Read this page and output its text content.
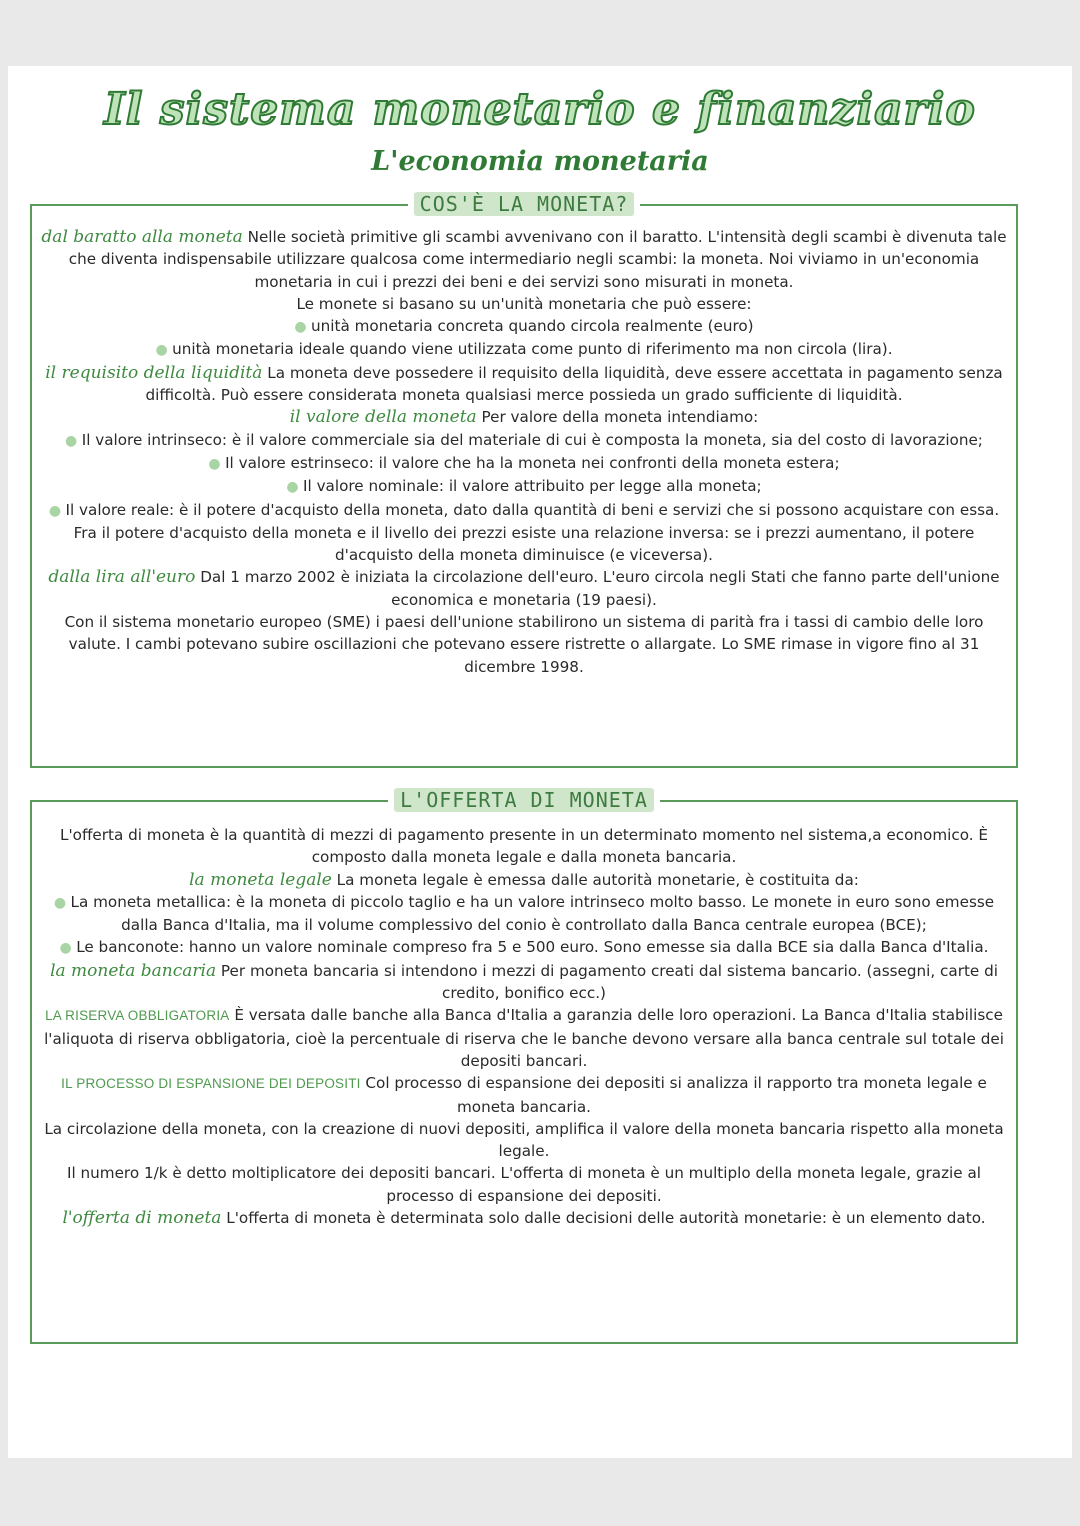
Il sistema monetario e finanziario
L'economia monetaria
COS'È LA MONETA?

dal baratto alla moneta Nelle società primitive gli scambi avvenivano con il baratto. L'intensità degli scambi è divenuta tale che diventa indispensabile utilizzare qualcosa come intermediario negli scambi: la moneta. Noi viviamo in un'economia monetaria in cui i prezzi dei beni e dei servizi sono misurati in moneta.

Le monete si basano su un'unità monetaria che può essere:

● unità monetaria concreta quando circola realmente (euro)

● unità monetaria ideale quando viene utilizzata come punto di riferimento ma non circola (lira).

il requisito della liquidità La moneta deve possedere il requisito della liquidità, deve essere accettata in pagamento senza difficoltà. Può essere considerata moneta qualsiasi merce possieda un grado sufficiente di liquidità.

il valore della moneta Per valore della moneta intendiamo:

● Il valore intrinseco: è il valore commerciale sia del materiale di cui è composta la moneta, sia del costo di lavorazione;

● Il valore estrinseco: il valore che ha la moneta nei confronti della moneta estera;

● Il valore nominale: il valore attribuito per legge alla moneta;

● Il valore reale: è il potere d'acquisto della moneta, dato dalla quantità di beni e servizi che si possono acquistare con essa. Fra il potere d'acquisto della moneta e il livello dei prezzi esiste una relazione inversa: se i prezzi aumentano, il potere d'acquisto della moneta diminuisce (e viceversa).

dalla lira all'euro Dal 1 marzo 2002 è iniziata la circolazione dell'euro. L'euro circola negli Stati che fanno parte dell'unione economica e monetaria (19 paesi).

Con il sistema monetario europeo (SME) i paesi dell'unione stabilirono un sistema di parità fra i tassi di cambio delle loro valute. I cambi potevano subire oscillazioni che potevano essere ristrette o allargate. Lo SME rimase in vigore fino al 31 dicembre 1998.

L'OFFERTA DI MONETA

L'offerta di moneta è la quantità di mezzi di pagamento presente in un determinato momento nel sistema,a economico. È composto dalla moneta legale e dalla moneta bancaria.

la moneta legale La moneta legale è emessa dalle autorità monetarie, è costituita da:

● La moneta metallica: è la moneta di piccolo taglio e ha un valore intrinseco molto basso. Le monete in euro sono emesse dalla Banca d'Italia, ma il volume complessivo del conio è controllato dalla Banca centrale europea (BCE);

● Le banconote: hanno un valore nominale compreso fra 5 e 500 euro. Sono emesse sia dalla BCE sia dalla Banca d'Italia.

la moneta bancaria Per moneta bancaria si intendono i mezzi di pagamento creati dal sistema bancario. (assegni, carte di credito, bonifico ecc.)

LA RISERVA OBBLIGATORIA È versata dalle banche alla Banca d'Italia a garanzia delle loro operazioni. La Banca d'Italia stabilisce l'aliquota di riserva obbligatoria, cioè la percentuale di riserva che le banche devono versare alla banca centrale sul totale dei depositi bancari.

IL PROCESSO DI ESPANSIONE DEI DEPOSITI Col processo di espansione dei depositi si analizza il rapporto tra moneta legale e moneta bancaria.

La circolazione della moneta, con la creazione di nuovi depositi, amplifica il valore della moneta bancaria rispetto alla moneta legale.

Il numero 1/k è detto moltiplicatore dei depositi bancari. L'offerta di moneta è un multiplo della moneta legale, grazie al processo di espansione dei depositi.

l'offerta di moneta L'offerta di moneta è determinata solo dalle decisioni delle autorità monetarie: è un elemento dato.
